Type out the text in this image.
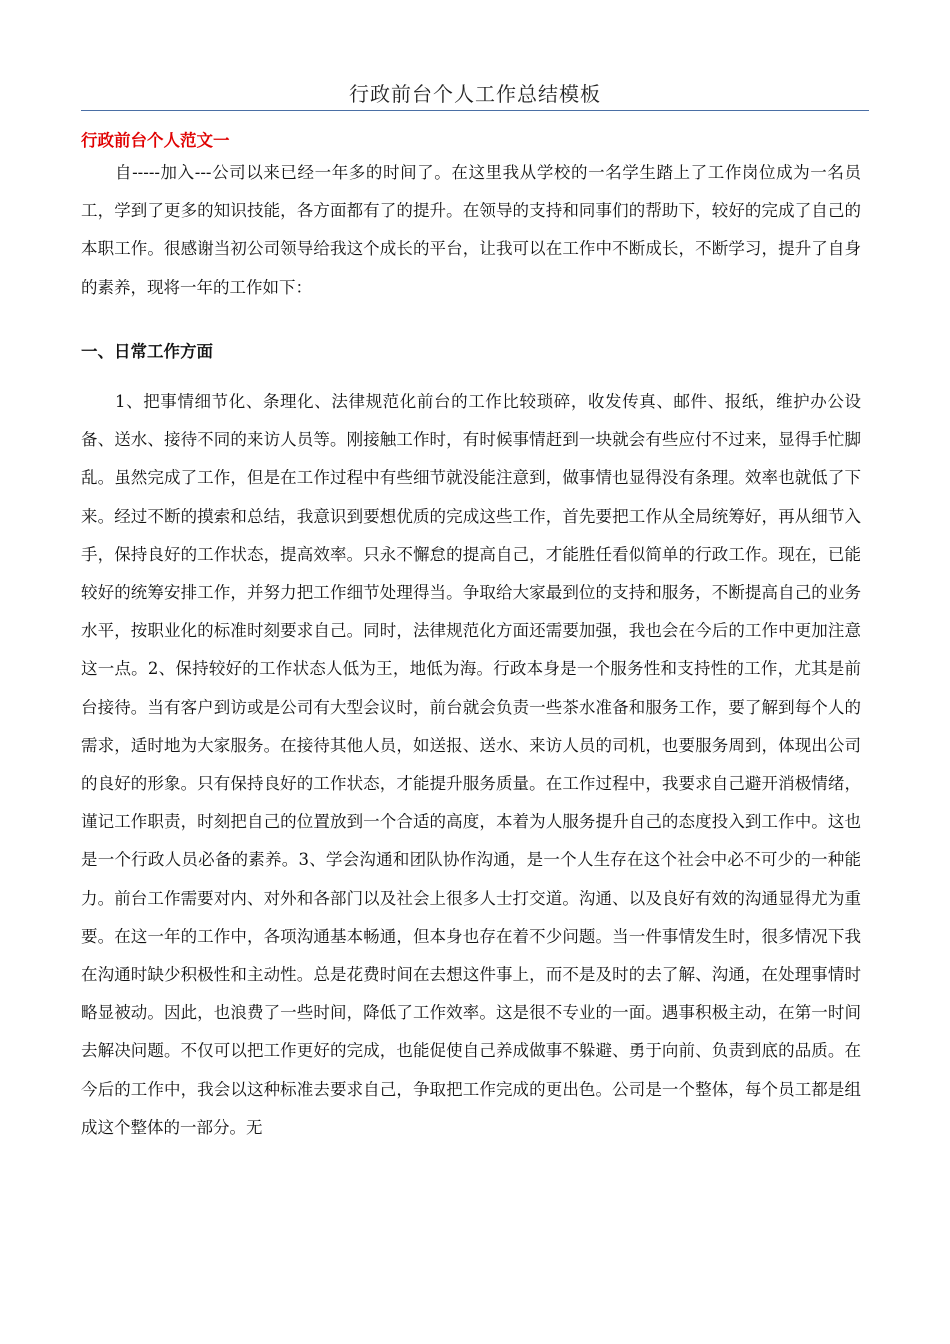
行政前台个人工作总结模板
行政前台个人范文一

自-----加入---公司以来已经一年多的时间了。在这里我从学校的一名学生踏上了工作岗位成为一名员工，学到了更多的知识技能，各方面都有了的提升。在领导的支持和同事们的帮助下，较好的完成了自己的本职工作。很感谢当初公司领导给我这个成长的平台，让我可以在工作中不断成长，不断学习，提升了自身的素养，现将一年的工作如下：

一、日常工作方面

1、把事情细节化、条理化、法律规范化前台的工作比较琐碎，收发传真、邮件、报纸，维护办公设备、送水、接待不同的来访人员等。刚接触工作时，有时候事情赶到一块就会有些应付不过来，显得手忙脚乱。虽然完成了工作，但是在工作过程中有些细节就没能注意到，做事情也显得没有条理。效率也就低了下来。经过不断的摸索和总结，我意识到要想优质的完成这些工作，首先要把工作从全局统筹好，再从细节入手，保持良好的工作状态，提高效率。只永不懈怠的提高自己，才能胜任看似简单的行政工作。现在，已能较好的统筹安排工作，并努力把工作细节处理得当。争取给大家最到位的支持和服务，不断提高自己的业务水平，按职业化的标准时刻要求自己。同时，法律规范化方面还需要加强，我也会在今后的工作中更加注意这一点。2、保持较好的工作状态人低为王，地低为海。行政本身是一个服务性和支持性的工作，尤其是前台接待。当有客户到访或是公司有大型会议时，前台就会负责一些茶水准备和服务工作，要了解到每个人的需求，适时地为大家服务。在接待其他人员，如送报、送水、来访人员的司机，也要服务周到，体现出公司的良好的形象。只有保持良好的工作状态，才能提升服务质量。在工作过程中，我要求自己避开消极情绪，谨记工作职责，时刻把自己的位置放到一个合适的高度，本着为人服务提升自己的态度投入到工作中。这也是一个行政人员必备的素养。3、学会沟通和团队协作沟通，是一个人生存在这个社会中必不可少的一种能力。前台工作需要对内、对外和各部门以及社会上很多人士打交道。沟通、以及良好有效的沟通显得尤为重要。在这一年的工作中，各项沟通基本畅通，但本身也存在着不少问题。当一件事情发生时，很多情况下我在沟通时缺少积极性和主动性。总是花费时间在去想这件事上，而不是及时的去了解、沟通，在处理事情时略显被动。因此，也浪费了一些时间，降低了工作效率。这是很不专业的一面。遇事积极主动，在第一时间去解决问题。不仅可以把工作更好的完成，也能促使自己养成做事不躲避、勇于向前、负责到底的品质。在今后的工作中，我会以这种标准去要求自己，争取把工作完成的更出色。公司是一个整体，每个员工都是组成这个整体的一部分。无
